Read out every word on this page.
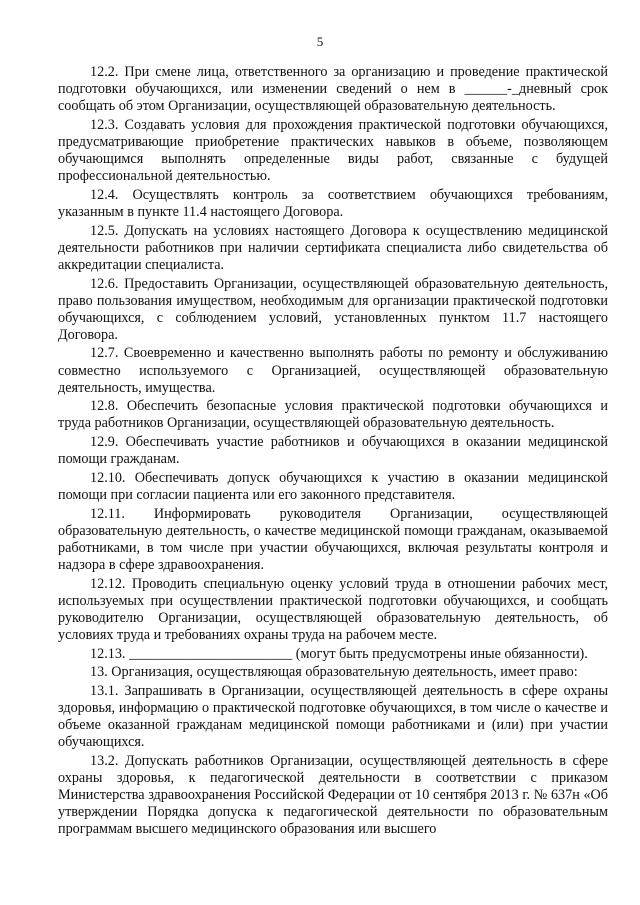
5

12.2. При смене лица, ответственного за организацию и проведение практической подготовки обучающихся, или изменении сведений о нем в ______-_дневный срок сообщать об этом Организации, осуществляющей образовательную деятельность.

12.3. Создавать условия для прохождения практической подготовки обучающихся, предусматривающие приобретение практических навыков в объеме, позволяющем обучающимся выполнять определенные виды работ, связанные с будущей профессиональной деятельностью.

12.4. Осуществлять контроль за соответствием обучающихся требованиям, указанным в пункте 11.4 настоящего Договора.

12.5. Допускать на условиях настоящего Договора к осуществлению медицинской деятельности работников при наличии сертификата специалиста либо свидетельства об аккредитации специалиста.

12.6. Предоставить Организации, осуществляющей образовательную деятельность, право пользования имуществом, необходимым для организации практической подготовки обучающихся, с соблюдением условий, установленных пунктом 11.7 настоящего Договора.

12.7. Своевременно и качественно выполнять работы по ремонту и обслуживанию совместно используемого с Организацией, осуществляющей образовательную деятельность, имущества.

12.8. Обеспечить безопасные условия практической подготовки обучающихся и труда работников Организации, осуществляющей образовательную деятельность.

12.9. Обеспечивать участие работников и обучающихся в оказании медицинской помощи гражданам.

12.10. Обеспечивать допуск обучающихся к участию в оказании медицинской помощи при согласии пациента или его законного представителя.

12.11. Информировать руководителя Организации, осуществляющей образовательную деятельность, о качестве медицинской помощи гражданам, оказываемой работниками, в том числе при участии обучающихся, включая результаты контроля и надзора в сфере здравоохранения.

12.12. Проводить специальную оценку условий труда в отношении рабочих мест, используемых при осуществлении практической подготовки обучающихся, и сообщать руководителю Организации, осуществляющей образовательную деятельность, об условиях труда и требованиях охраны труда на рабочем месте.

12.13. _______________________ (могут быть предусмотрены иные обязанности).

13. Организация, осуществляющая образовательную деятельность, имеет право:

13.1. Запрашивать в Организации, осуществляющей деятельность в сфере охраны здоровья, информацию о практической подготовке обучающихся, в том числе о качестве и объеме оказанной гражданам медицинской помощи работниками и (или) при участии обучающихся.

13.2. Допускать работников Организации, осуществляющей деятельность в сфере охраны здоровья, к педагогической деятельности в соответствии с приказом Министерства здравоохранения Российской Федерации от 10 сентября 2013 г. № 637н «Об утверждении Порядка допуска к педагогической деятельности по образовательным программам высшего медицинского образования или высшего
